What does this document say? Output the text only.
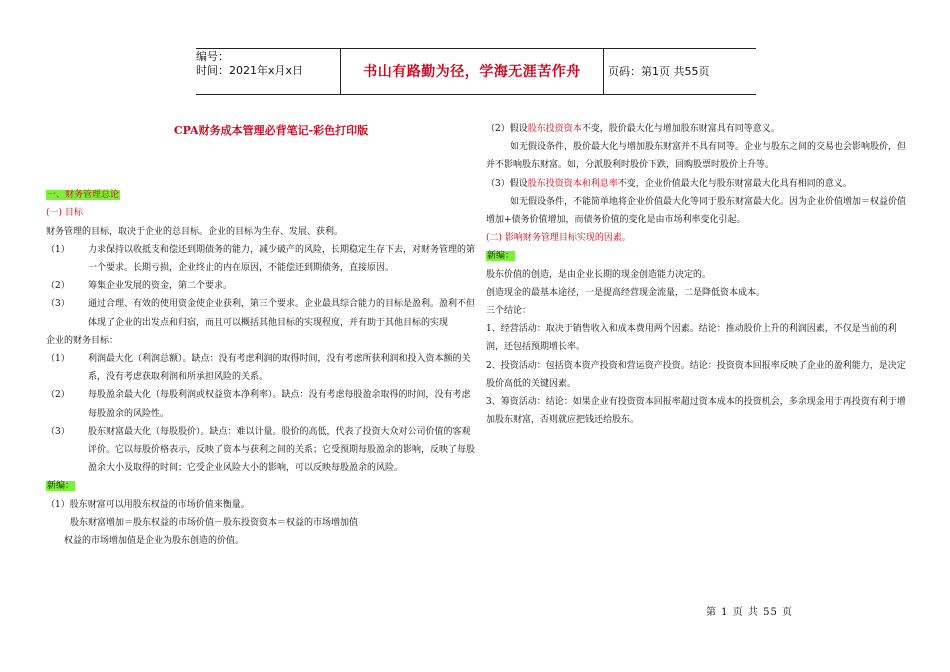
编号：
时间：2021年x月x日	书山有路勤为径，学海无涯苦作舟	页码：第1页 共55页

CPA财务成本管理必背笔记-彩色打印版

一、财务管理总论

(一) 目标

财务管理的目标，取决于企业的总目标。企业的目标为生存、发展、获利。

（1）	力求保持以收抵支和偿还到期债务的能力，减少破产的风险，长期稳定生存下去，对财务管理的第一个要求。长期亏损，企业终止的内在原因，不能偿还到期债务，直接原因。
（2）	筹集企业发展的资金，第二个要求。
（3）	通过合理、有效的使用资金使企业获利，第三个要求。企业最具综合能力的目标是盈利。盈利不但体现了企业的出发点和归宿，而且可以概括其他目标的实现程度，并有助于其他目标的实现

企业的财务目标：

（1）	利润最大化（利润总额）。缺点：没有考虑利润的取得时间，没有考虑所获利润和投入资本额的关系，没有考虑获取利润和所承担风险的关系。
（2）	每股盈余最大化（每股利润或权益资本净利率）。缺点：没有考虑每股盈余取得的时间，没有考虑每股盈余的风险性。
（3）	股东财富最大化（每股股价）。缺点：难以计量。股价的高低，代表了投资大众对公司价值的客观评价。它以每股价格表示，反映了资本与获利之间的关系；它受预期每股盈余的影响，反映了每股盈余大小及取得的时间；它受企业风险大小的影响，可以反映每股盈余的风险。

新编：

（1）股东财富可以用股东权益的市场价值来衡量。

股东财富增加＝股东权益的市场价值－股东投资资本＝权益的市场增加值

权益的市场增加值是企业为股东创造的价值。

（2）假设股东投资资本不变，股价最大化与增加股东财富具有同等意义。

如无假设条件，股价最大化与增加股东财富并不具有同等。企业与股东之间的交易也会影响股价，但并不影响股东财富。如，分派股利时股价下跌，回购股票时股价上升等。

（3）假设股东投资资本和利息率不变，企业价值最大化与股东财富最大化具有相同的意义。

如无假设条件，不能简单地将企业价值最大化等同于股东财富最大化。因为企业价值增加＝权益价值增加+债务价值增加，而债务价值的变化是由市场利率变化引起。

(二) 影响财务管理目标实现的因素。

新编：

股东价值的创造，是由企业长期的现金创造能力决定的。

创造现金的最基本途径，一是提高经营现金流量，二是降低资本成本。

三个结论：

1、经营活动：取决于销售收入和成本费用两个因素。结论：推动股价上升的利润因素，不仅是当前的利润，还包括预期增长率。

2、投资活动：包括资本资产投资和营运资产投资。结论：投资资本回报率反映了企业的盈利能力，是决定股价高低的关键因素。

3、筹资活动：结论：如果企业有投资资本回报率超过资本成本的投资机会，多余现金用于再投资有利于增加股东财富，否则就应把钱还给股东。

第 1 页 共 55 页
